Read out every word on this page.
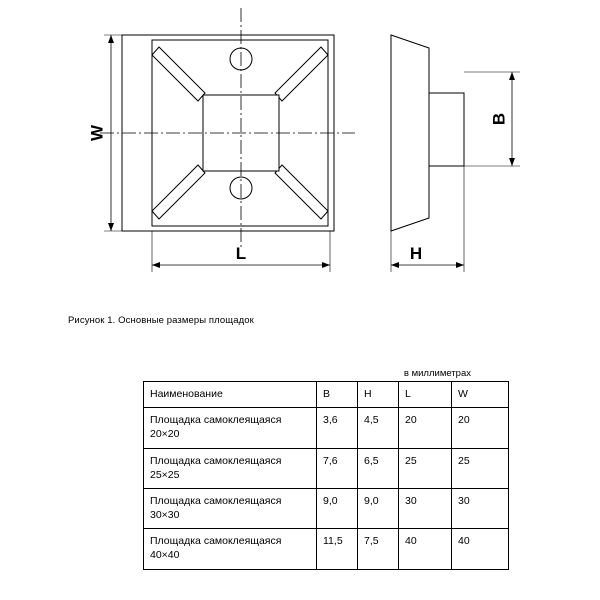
W
L	H
B
Рисунок 1. Основные размеры площадок
в миллиметрах
Наименование	B	H	L	W
Площадка самоклеящаяся 20×20	3,6	4,5	20	20
Площадка самоклеящаяся 25×25	7,6	6,5	25	25
Площадка самоклеящаяся 30×30	9,0	9,0	30	30
Площадка самоклеящаяся 40×40	11,5	7,5	40	40
